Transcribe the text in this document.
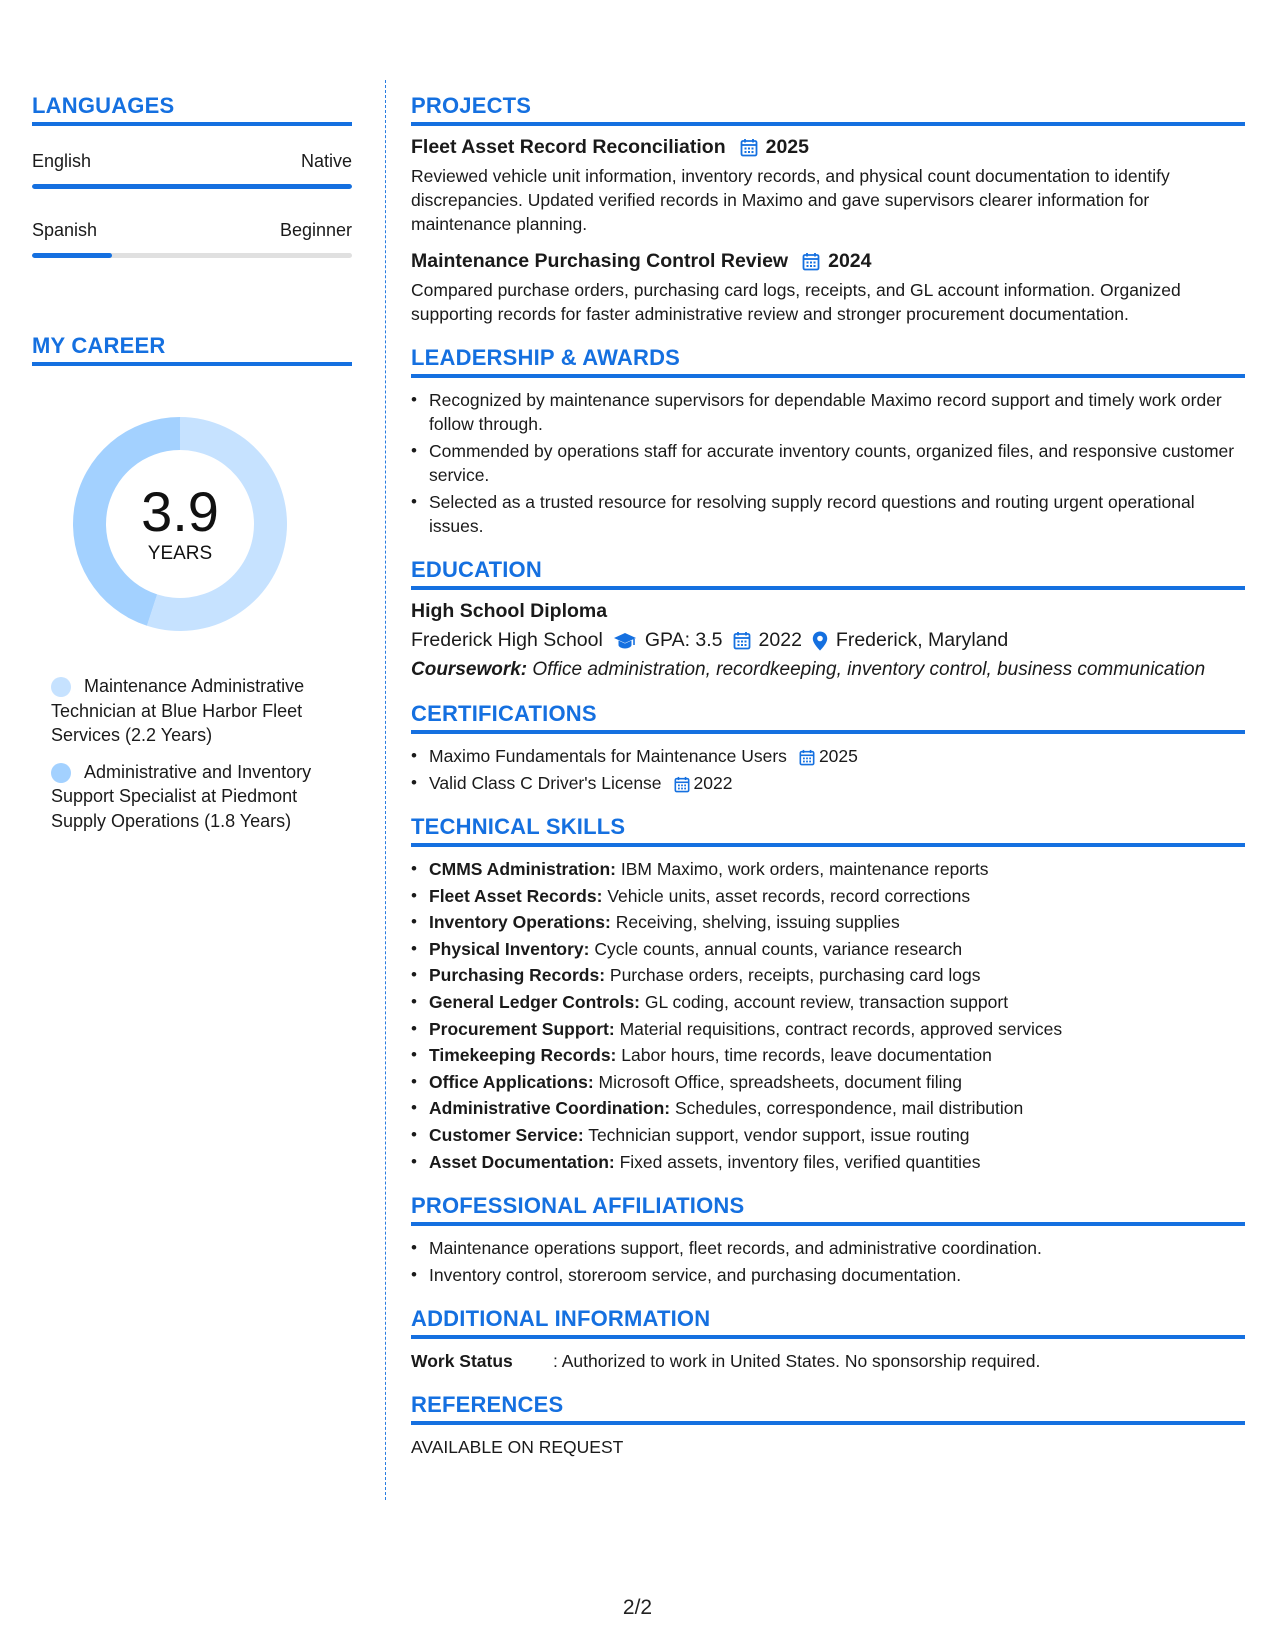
LANGUAGES
English	Native
Spanish	Beginner
MY CAREER
3.9
YEARS
Maintenance Administrative Technician at Blue Harbor Fleet Services (2.2 Years)
Administrative and Inventory Support Specialist at Piedmont Supply Operations (1.8 Years)
PROJECTS
Fleet Asset Record Reconciliation 2025
Reviewed vehicle unit information, inventory records, and physical count documentation to identify discrepancies. Updated verified records in Maximo and gave supervisors clearer information for maintenance planning.
Maintenance Purchasing Control Review 2024
Compared purchase orders, purchasing card logs, receipts, and GL account information. Organized supporting records for faster administrative review and stronger procurement documentation.
LEADERSHIP & AWARDS
• Recognized by maintenance supervisors for dependable Maximo record support and timely work order follow through.
• Commended by operations staff for accurate inventory counts, organized files, and responsive customer service.
• Selected as a trusted resource for resolving supply record questions and routing urgent operational issues.
EDUCATION
High School Diploma
Frederick High School GPA: 3.5 2022 Frederick, Maryland
Coursework: Office administration, recordkeeping, inventory control, business communication
CERTIFICATIONS
• Maximo Fundamentals for Maintenance Users 2025
• Valid Class C Driver's License 2022
TECHNICAL SKILLS
• CMMS Administration: IBM Maximo, work orders, maintenance reports
• Fleet Asset Records: Vehicle units, asset records, record corrections
• Inventory Operations: Receiving, shelving, issuing supplies
• Physical Inventory: Cycle counts, annual counts, variance research
• Purchasing Records: Purchase orders, receipts, purchasing card logs
• General Ledger Controls: GL coding, account review, transaction support
• Procurement Support: Material requisitions, contract records, approved services
• Timekeeping Records: Labor hours, time records, leave documentation
• Office Applications: Microsoft Office, spreadsheets, document filing
• Administrative Coordination: Schedules, correspondence, mail distribution
• Customer Service: Technician support, vendor support, issue routing
• Asset Documentation: Fixed assets, inventory files, verified quantities
PROFESSIONAL AFFILIATIONS
• Maintenance operations support, fleet records, and administrative coordination.
• Inventory control, storeroom service, and purchasing documentation.
ADDITIONAL INFORMATION
Work Status	: Authorized to work in United States. No sponsorship required.
REFERENCES
AVAILABLE ON REQUEST
2/2
